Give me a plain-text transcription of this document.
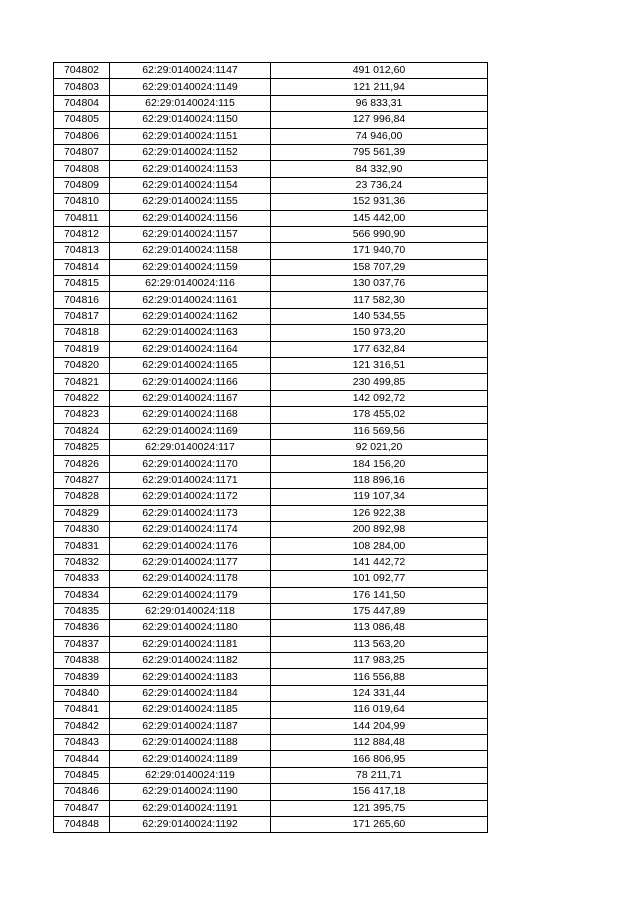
704802	62:29:0140024:1147	491 012,60
704803	62:29:0140024:1149	121 211,94
704804	62:29:0140024:115	96 833,31
704805	62:29:0140024:1150	127 996,84
704806	62:29:0140024:1151	74 946,00
704807	62:29:0140024:1152	795 561,39
704808	62:29:0140024:1153	84 332,90
704809	62:29:0140024:1154	23 736,24
704810	62:29:0140024:1155	152 931,36
704811	62:29:0140024:1156	145 442,00
704812	62:29:0140024:1157	566 990,90
704813	62:29:0140024:1158	171 940,70
704814	62:29:0140024:1159	158 707,29
704815	62:29:0140024:116	130 037,76
704816	62:29:0140024:1161	117 582,30
704817	62:29:0140024:1162	140 534,55
704818	62:29:0140024:1163	150 973,20
704819	62:29:0140024:1164	177 632,84
704820	62:29:0140024:1165	121 316,51
704821	62:29:0140024:1166	230 499,85
704822	62:29:0140024:1167	142 092,72
704823	62:29:0140024:1168	178 455,02
704824	62:29:0140024:1169	116 569,56
704825	62:29:0140024:117	92 021,20
704826	62:29:0140024:1170	184 156,20
704827	62:29:0140024:1171	118 896,16
704828	62:29:0140024:1172	119 107,34
704829	62:29:0140024:1173	126 922,38
704830	62:29:0140024:1174	200 892,98
704831	62:29:0140024:1176	108 284,00
704832	62:29:0140024:1177	141 442,72
704833	62:29:0140024:1178	101 092,77
704834	62:29:0140024:1179	176 141,50
704835	62:29:0140024:118	175 447,89
704836	62:29:0140024:1180	113 086,48
704837	62:29:0140024:1181	113 563,20
704838	62:29:0140024:1182	117 983,25
704839	62:29:0140024:1183	116 556,88
704840	62:29:0140024:1184	124 331,44
704841	62:29:0140024:1185	116 019,64
704842	62:29:0140024:1187	144 204,99
704843	62:29:0140024:1188	112 884,48
704844	62:29:0140024:1189	166 806,95
704845	62:29:0140024:119	78 211,71
704846	62:29:0140024:1190	156 417,18
704847	62:29:0140024:1191	121 395,75
704848	62:29:0140024:1192	171 265,60
